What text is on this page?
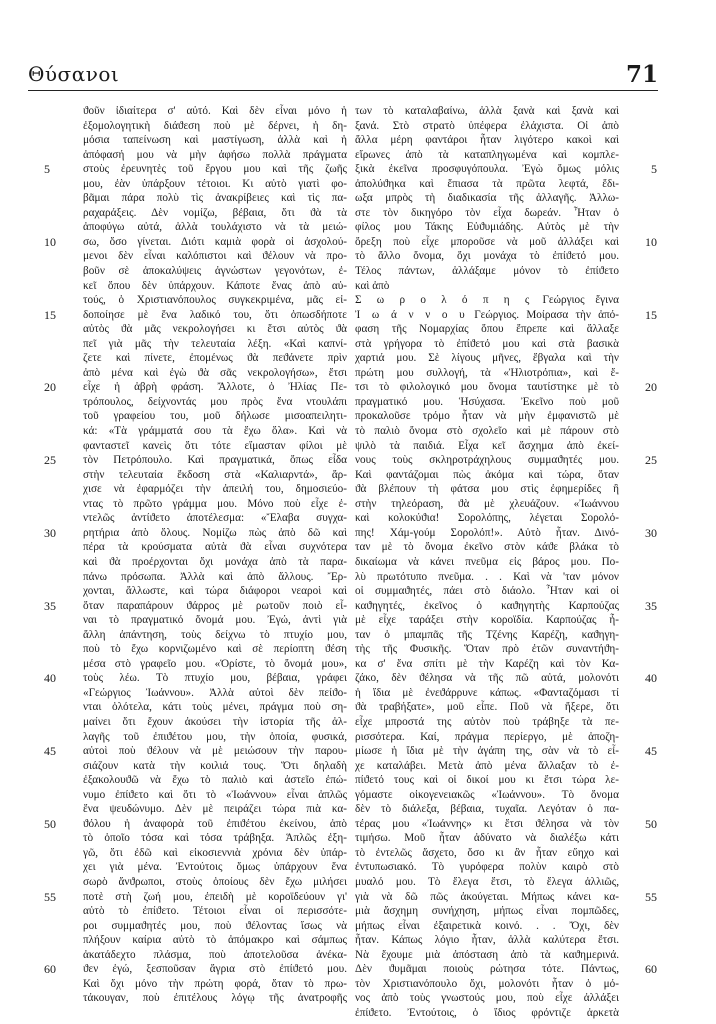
Θύσανοι	71
5
10
15
20
25
30
35
40
45
50
55
60
5
10
15
20
25
30
35
40
45
50
55
60
ϑοῦν ἰδιαίτερα σ' αὐτό. Καὶ δὲν εἶναι μόνο ἡ
ἐξομολογητικὴ διάϑεση ποὺ μὲ δέρνει, ἡ δη-
μόσια ταπείνωση καὶ μαστίγωση, ἀλλὰ καὶ ἡ
ἀπόφασή μου νὰ μὴν ἀφήσω πολλὰ πράγματα
στοὺς ἐρευνητὲς τοῦ ἔργου μου καὶ τῆς ζωῆς
μου, ἐὰν ὑπάρξουν τέτοιοι. Κι αὐτὸ γιατὶ φο-
βᾶμαι πάρα πολὺ τὶς ἀνακρίβειες καὶ τὶς πα-
ραχαράξεις. Δὲν νομίζω, βέβαια, ὅτι ϑὰ τὰ
ἀποφύγω αὐτά, ἀλλὰ τουλάχιστο νὰ τὰ μειώ-
σω, ὅσο γίνεται. Διότι καμιὰ φορὰ οἱ ἀσχολού-
μενοι δὲν εἶναι καλόπιστοι καὶ ϑέλουν νὰ προ-
βοῦν σὲ ἀποκαλύψεις ἀγνώστων γεγονότων, ἐ-
κεῖ ὅπου δὲν ὑπάρχουν. Κάποτε ἕνας ἀπὸ αὐ-
τούς, ὁ Χριστιανόπουλος συγκεκριμένα, μᾶς εἰ-
δοποίησε μὲ ἕνα λαδικό του, ὅτι ὁπωσδήποτε
αὐτὸς ϑὰ μᾶς νεκρολογήσει κι ἔτσι αὐτὸς ϑὰ
πεῖ γιὰ μᾶς τὴν τελευταία λέξη. «Καὶ καπνί-
ζετε καὶ πίνετε, ἐπομένως ϑὰ πεϑάνετε πρὶν
ἀπὸ μένα καὶ ἐγὼ ϑὰ σᾶς νεκρολογήσω», ἔτσι
εἶχε ἡ ἀβρὴ φράση. Ἄλλοτε, ὁ Ἠλίας Πε-
τρόπουλος, δείχνοντάς μου πρὸς ἕνα ντουλάπι
τοῦ γραφείου του, μοῦ δήλωσε μισοαπειλητι-
κά: «Τὰ γράμματά σου τὰ ἔχω ὅλα». Καὶ νὰ
φανταστεῖ κανεὶς ὅτι τότε εἴμασταν φίλοι μὲ
τὸν Πετρόπουλο. Καὶ πραγματικά, ὅπως εἶδα
στὴν τελευταία ἔκδοση στὰ «Καλιαρντά», ἄρ-
χισε νὰ ἐφαρμόζει τὴν ἀπειλή του, δημοσιεύο-
ντας τὸ πρῶτο γράμμα μου. Μόνο ποὺ εἶχε ἐ-
ντελῶς ἀντίϑετο ἀποτέλεσμα: «Ἔλαβα συγχα-
ρητήρια ἀπὸ ὅλους. Νομίζω πὼς ἀπὸ δῶ καὶ
πέρα τὰ κρούσματα αὐτὰ ϑὰ εἶναι συχνότερα
καὶ ϑὰ προέρχονται ὄχι μονάχα ἀπὸ τὰ παρα-
πάνω πρόσωπα. Ἀλλὰ καὶ ἀπὸ ἄλλους. Ἔρ-
χονται, ἄλλωστε, καὶ τώρα διάφοροι νεαροὶ καὶ
ὅταν παραπάρουν ϑάρρος μὲ ρωτοῦν ποιὸ εἶ-
ναι τὸ πραγματικό ὄνομά μου. Ἐγώ, ἀντὶ γιὰ
ἄλλη ἀπάντηση, τοὺς δείχνω τὸ πτυχίο μου,
ποὺ τὸ ἔχω κορνιζωμένο καὶ σὲ περίοπτη ϑέση
μέσα στὸ γραφεῖο μου. «Ὁρίστε, τὸ ὄνομά μου»,
τοὺς λέω. Τὸ πτυχίο μου, βέβαια, γράφει
«Γεώργιος Ἰωάννου». Ἀλλὰ αὐτοὶ δὲν πείϑο-
νται ὁλότελα, κάτι τοὺς μένει, πράγμα ποὺ ση-
μαίνει ὅτι ἔχουν ἀκούσει τὴν ἱστορία τῆς ἀλ-
λαγῆς τοῦ ἐπιϑέτου μου, τὴν ὁποία, φυσικά,
αὐτοὶ ποὺ ϑέλουν νὰ μὲ μειώσουν τὴν παρου-
σιάζουν κατὰ τὴν κοιλιά τους. Ὅτι δηλαδὴ
ἐξακολουϑῶ νὰ ἔχω τὸ παλιὸ καὶ ἀστεῖο ἐπώ-
νυμο ἐπίϑετο καὶ ὅτι τὸ «Ἰωάννου» εἶναι ἁπλῶς
ἕνα ψευδώνυμο. Δὲν μὲ πειράζει τώρα πιὰ κα-
ϑόλου ἡ ἀναφορὰ τοῦ ἐπιϑέτου ἐκείνου, ἀπὸ
τὸ ὁποῖο τόσα καὶ τόσα τράβηξα. Ἁπλῶς ἐξη-
γῶ, ὅτι ἐδῶ καὶ εἰκοσιεννιὰ χρόνια δὲν ὑπάρ-
χει γιὰ μένα. Ἐντούτοις ὅμως ὑπάρχουν ἕνα
σωρὸ ἄνϑρωποι, στοὺς ὁποίους δὲν ἔχω μιλήσει
ποτὲ στὴ ζωή μου, ἐπειδὴ μὲ κοροϊδεύουν γι'
αὐτὸ τὸ ἐπίϑετο. Τέτοιοι εἶναι οἱ περισσότε-
ροι συμμαϑητές μου, ποὺ ϑέλοντας ἴσως νὰ
πλήξουν καίρια αὐτὸ τὸ ἀπόμακρο καὶ σάμπως
ἀκατάδεχτο πλάσμα, ποὺ ἀποτελοῦσα ἀνέκα-
ϑεν ἐγώ, ξεσποῦσαν ἄγρια στὸ ἐπίϑετό μου.
Καὶ ὄχι μόνο τὴν πρώτη φορά, ὅταν τὸ πρω-
τάκουγαν, ποὺ ἐπιτέλους λόγῳ τῆς ἀνατροφῆς
των τὸ καταλαβαίνω, ἀλλὰ ξανὰ καὶ ξανὰ καὶ
ξανά. Στὸ στρατὸ ὑπέφερα ἐλάχιστα. Οἱ ἀπὸ
ἄλλα μέρη φαντάροι ἦταν λιγότερο κακοὶ καὶ
εἴρωνες ἀπὸ τὰ καταπληγωμένα καὶ κομπλε-
ξικὰ ἐκεῖνα προσφυγόπουλα. Ἐγὼ ὅμως μόλις
ἀπολύϑηκα καὶ ἔπιασα τὰ πρῶτα λεφτά, ἔδι-
ωξα μπρὸς τὴ διαδικασία τῆς ἀλλαγῆς. Ἀλλω-
στε τὸν δικηγόρο τὸν εἶχα δωρεάν. Ἦταν ὁ
φίλος μου Τάκης Εὐϑυμιάδης. Αὐτὸς μὲ τὴν
ὄρεξη ποὺ εἶχε μποροῦσε νὰ μοῦ ἀλλάξει καὶ
τὸ ἄλλο ὄνομα, ὄχι μονάχα τὸ ἐπίϑετό μου.
Τέλος πάντων, ἀλλάξαμε μόνον τὸ ἐπίϑετο
καὶ ἀπὸ
Σ ω ρ ο λ ό π η ς Γεώργιος ἔγινα
Ἰ ω ά ν ν ο υ Γεώργιος. Μοίρασα τὴν ἀπό-
φαση τῆς Νομαρχίας ὅπου ἔπρεπε καὶ ἄλλαξε
στὰ γρήγορα τὸ ἐπίϑετό μου καὶ στὰ βασικὰ
χαρτιά μου. Σὲ λίγους μῆνες, ἔβγαλα καὶ τὴν
πρώτη μου συλλογή, τὰ «Ἠλιοτρόπια», καὶ ἔ-
τσι τὸ φιλολογικό μου ὄνομα ταυτίστηκε μὲ τὸ
πραγματικό μου. Ἡσύχασα. Ἐκεῖνο ποὺ μοῦ
προκαλοῦσε τρόμο ἦταν νὰ μὴν ἐμφανιστῶ μὲ
τὸ παλιὸ ὄνομα στὸ σχολεῖο καὶ μὲ πάρουν στὸ
ψιλὸ τὰ παιδιά. Εἶχα κεῖ ἄσχημα ἀπὸ ἐκεί-
νους τοὺς σκληροτράχηλους συμμαϑητές μου.
Καὶ φαντάζομαι πὼς ἀκόμα καὶ τώρα, ὅταν
ϑὰ βλέπουν τὴ φάτσα μου στὶς ἐφημερίδες ἢ
στὴν τηλεόραση, ϑὰ μὲ χλευάζουν. «Ἰωάννου
καὶ κολοκύϑια! Σορολόπης, λέγεται Σορολό-
πης! Χάμ-γούμ Σορολόπ!». Αὐτὸ ἦταν. Δινό-
ταν μὲ τὸ ὄνομα ἐκεῖνο στὸν κάϑε βλάκα τὸ
δικαίωμα νὰ κάνει πνεῦμα εἰς βάρος μου. Πο-
λὺ πρωτότυπο πνεῦμα. . . Καὶ νὰ 'ταν μόνον
οἱ συμμαϑητές, πάει στὸ διάολο. Ἦταν καὶ οἱ
καϑηγητές, ἐκεῖνος ὁ καϑηγητὴς Καρπούζας
μὲ εἶχε ταράξει στὴν κοροϊδία. Καρπούζας ἦ-
ταν ὁ μπαμπᾶς τῆς Τζένης Καρέζη, καϑηγη-
τὴς τῆς Φυσικῆς. Ὅταν πρὸ ἐτῶν συναντήϑη-
κα σ' ἕνα σπίτι μὲ τὴν Καρέζη καὶ τὸν Κα-
ζάκο, δὲν ϑέλησα νὰ τῆς πῶ αὐτά, μολονότι
ἡ ἴδια μὲ ἐνεϑάρρυνε κάπως. «Φανταζόμασι τί
ϑὰ τραβήξατε», μοῦ εἶπε. Ποῦ νὰ ἤξερε, ὅτι
εἶχε μπροστά της αὐτὸν ποὺ τράβηξε τὰ πε-
ρισσότερα. Καί, πράγμα περίεργο, μὲ ἀποζη-
μίωσε ἡ ἴδια μὲ τὴν ἀγάπη της, σὰν νὰ τὸ εἶ-
χε καταλάβει. Μετὰ ἀπὸ μένα ἄλλαξαν τὸ ἐ-
πίϑετό τους καὶ οἱ δικοί μου κι ἔτσι τώρα λε-
γόμαστε οἰκογενειακῶς «Ἰωάννου». Τὸ ὄνομα
δὲν τὸ διάλεξα, βέβαια, τυχαῖα. Λεγόταν ὁ πα-
τέρας μου «Ἰωάννης» κι ἔτσι ϑέλησα νὰ τὸν
τιμήσω. Μοῦ ἦταν ἀδύνατο νὰ διαλέξω κάτι
τὸ ἐντελῶς ἄσχετο, ὅσο κι ἂν ἦταν εὔηχο καὶ
ἐντυπωσιακό. Τὸ γυρόφερα πολὺν καιρὸ στὸ
μυαλό μου. Τὸ ἔλεγα ἔτσι, τὸ ἔλεγα ἀλλιῶς,
γιὰ νὰ δῶ πῶς ἀκούγεται. Μήπως κάνει κα-
μιὰ ἄσχημη συνήχηση, μήπως εἶναι πομπῶδες,
μήπως εἶναι ἐξαιρετικὰ κοινό. . . Ὄχι, δὲν
ἦταν. Κάπως λόγιο ἦταν, ἀλλὰ καλύτερα ἔτσι.
Νὰ ἔχουμε μιὰ ἀπόσταση ἀπὸ τὰ καϑημερινά.
Δὲν ϑυμᾶμαι ποιοὺς ρώτησα τότε. Πάντως,
τὸν Χριστιανόπουλο ὄχι, μολονότι ἦταν ὁ μό-
νος ἀπὸ τοὺς γνωστούς μου, ποὺ εἶχε ἀλλάξει
ἐπίϑετο. Ἐντούτοις, ὁ ἴδιος φρόντιζε ἀρκετὰ
